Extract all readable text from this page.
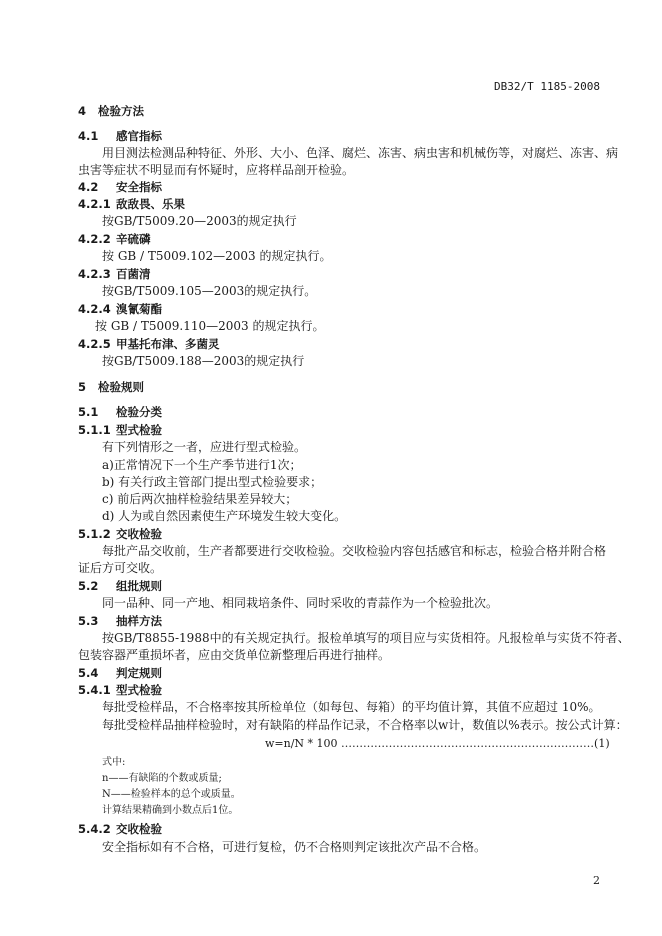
DB32/T 1185-2008
4 检验方法
4.1 感官指标
用目测法检测品种特征、外形、大小、色泽、腐烂、冻害、病虫害和机械伤等，对腐烂、冻害、病
虫害等症状不明显而有怀疑时，应将样品剖开检验。
4.2 安全指标
4.2.1 敌敌畏、乐果
按GB/T5009.20—2003的规定执行
4.2.2 辛硫磷
按 GB / T5009.102—2003 的规定执行。
4.2.3 百菌清
按GB/T5009.105—2003的规定执行。
4.2.4 溴氰菊酯
按 GB / T5009.110—2003 的规定执行。
4.2.5 甲基托布津、多菌灵
按GB/T5009.188—2003的规定执行
5 检验规则
5.1 检验分类
5.1.1 型式检验
有下列情形之一者，应进行型式检验。
a)正常情况下一个生产季节进行1次；
b) 有关行政主管部门提出型式检验要求；
c) 前后两次抽样检验结果差异较大；
d) 人为或自然因素使生产环境发生较大变化。
5.1.2 交收检验
每批产品交收前，生产者都要进行交收检验。交收检验内容包括感官和标志，检验合格并附合格
证后方可交收。
5.2 组批规则
同一品种、同一产地、相同栽培条件、同时采收的青蒜作为一个检验批次。
5.3 抽样方法
按GB/T8855-1988中的有关规定执行。报检单填写的项目应与实货相符。凡报检单与实货不符者、
包装容器严重损坏者，应由交货单位新整理后再进行抽样。
5.4 判定规则
5.4.1 型式检验
每批受检样品，不合格率按其所检单位（如每包、每箱）的平均值计算，其值不应超过 10%。
每批受检样品抽样检验时，对有缺陷的样品作记录，不合格率以w计，数值以%表示。按公式计算：
w=n/N * 100 ……………………………………………………………(1)
式中:
n——有缺陷的个数或质量;
N——检验样本的总个或质量。
计算结果精确到小数点后1位。
5.4.2 交收检验
安全指标如有不合格，可进行复检，仍不合格则判定该批次产品不合格。
2
